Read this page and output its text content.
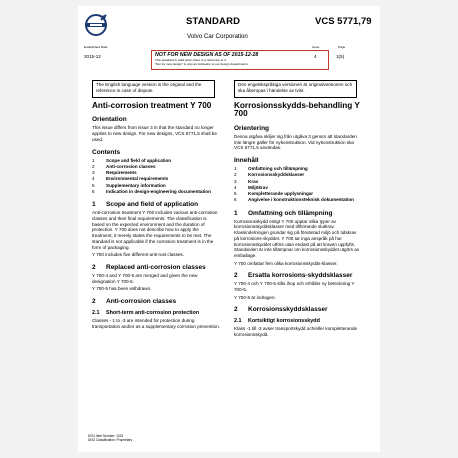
STANDARD	VCS 5771,79
Volvo Car Corporation
Established Date:
2015-12
Issue
4
Page
1(5)
NOT FOR NEW DESIGN AS OF 2015-12-28
This standard is valid when there is a reference to it.
"Not for new design" is only an indication to our design departments.
The English language version is the original and the reference in case of dispute.
Den engelskspråkiga versionen är originalversionen och ska åberopas i händelse av tvist.
Anti-corrosion treatment Y 700
Orientation
This issue differs from issue 3 in that the standard no longer applies to new design. For new designs, VCS 5771,5 shall be used.
Contents
1	Scope and field of application
2	Anti-corrosion classes
3	Requirements
4	Environmental requirements
5	Supplementary information
6	Indication in design-engineering documentation
1	Scope and field of application
Anti-corrosion treatment Y 700 includes various anti-corrosion classes and their final requirements. The classification is based on the expected environment and the duration of protection. Y 700 does not describe how to apply the treatment; it merely states the requirements to be met. The standard is not applicable if the corrosion treatment is in the form of packaging.
Y 700 includes five different anti-rust classes.
2	Replaced anti-corrosion classes
Y 700-4 and Y 700-5 are merged and given the new designation Y 700-5.
Y 700-5 has been withdrawn.
2	Anti-corrosion classes
2.1	Short-term anti-corrosion protection
Classes - 1 to -3 are intended for protection during transportation and/or as a supplementary corrosion prevention.
Korrosionsskydds-behandling Y 700
Orientering
Denna utgåva skiljer sig från utgåva 3 genom att standarden inte längre gäller för nykonstruktion. Vid nykonstruktion ska VCS 5771,5 användas.
Innehåll
1	Omfattning och tillämpning
2	Korrosionsskyddsklasser
3	Krav
4	Miljökrav
5	Kompletterande upplysningar
6	Angivelse i konstruktionsteknisk dokumentation
1	Omfattning och tillämpning
Korrosionsskydd enligt Y 700 upptar olika typer av korrosionsskyddsklasser med tillhörande slutkrav. Klassindelningen grundar sig på förväntad miljö och tidskrav på korrosions-skyddet. Y 700 tar inga anspråk på hur korrosionsskyddet utförs utan endast på att kraven uppfylls. Standarden är inte tillämpnar om korrosionsskyddet utgörs av emballage.
Y 700 omfattar fem olika korrosionsskydds-klasser.
2	Ersatta korrosions-skyddsklasser
Y 700-4 och Y 700-5 slås ihop och erhåller ny beteckning Y 700-5.
Y 700-6 är indragen.
2	Korrosionsskyddsklasser
2.1	Kortsiktigt korrosionsskydd
Klass -1 till -3 avser transportskydd och/eller kompletterande korrosionsskydd.
DIS1 Item Number: 1023
DIS2 Classification: Proprietary
